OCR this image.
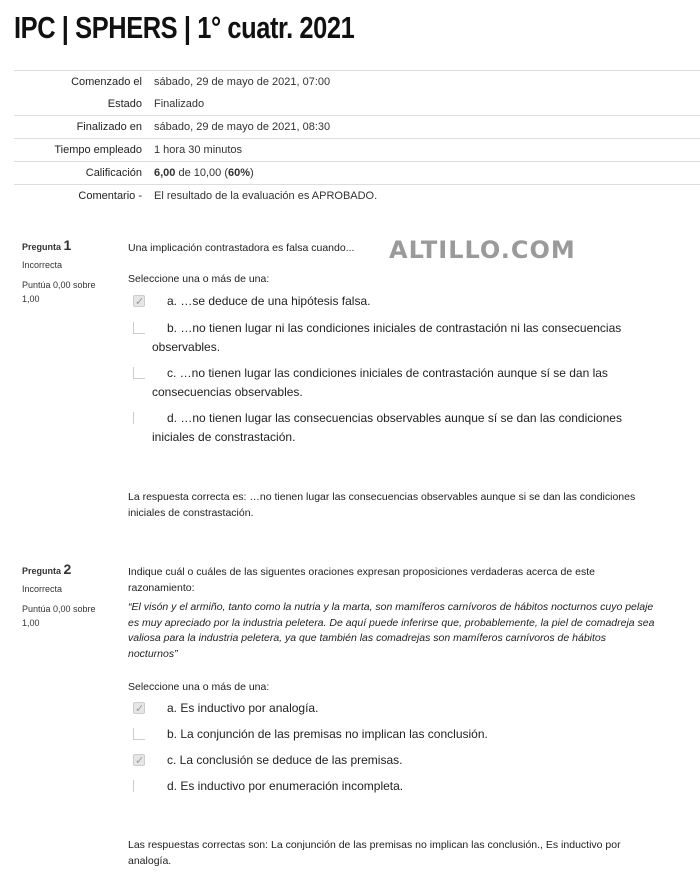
IPC | SPHERS | 1° cuatr. 2021
Comenzado el	sábado, 29 de mayo de 2021, 07:00
Estado	Finalizado
Finalizado en	sábado, 29 de mayo de 2021, 08:30
Tiempo empleado	1 hora 30 minutos
Calificación	6,00 de 10,00 (60%)
Comentario -	El resultado de la evaluación es APROBADO.
ALTILLO.COM
Pregunta 1
Incorrecta
Puntúa 0,00 sobre 1,00
Una implicación contrastadora es falsa cuando...
Seleccione una o más de una:
✓
a. …se deduce de una hipótesis falsa.
b. …no tienen lugar ni las condiciones iniciales de contrastación ni las consecuencias observables.
c. …no tienen lugar las condiciones iniciales de contrastación aunque sí se dan las consecuencias observables.
d. …no tienen lugar las consecuencias observables aunque sí se dan las condiciones iniciales de constrastación.
La respuesta correcta es: …no tienen lugar las consecuencias observables aunque si se dan las condiciones iniciales de constrastación.
Pregunta 2
Incorrecta
Puntúa 0,00 sobre 1,00
Indique cuál o cuáles de las siguentes oraciones expresan proposiciones verdaderas acerca de este razonamiento:
“El visón y el armiño, tanto como la nutria y la marta, son mamíferos carnívoros de hábitos nocturnos cuyo pelaje es muy apreciado por la industria peletera. De aquí puede inferirse que, probablemente, la piel de comadreja sea valiosa para la industria peletera, ya que también las comadrejas son mamíferos carnívoros de hábitos nocturnos”
Seleccione una o más de una:
✓
a. Es inductivo por analogía.
b. La conjunción de las premisas no implican las conclusión.
✓
c. La conclusión se deduce de las premisas.
d. Es inductivo por enumeración incompleta.
Las respuestas correctas son: La conjunción de las premisas no implican las conclusión., Es inductivo por analogía.
